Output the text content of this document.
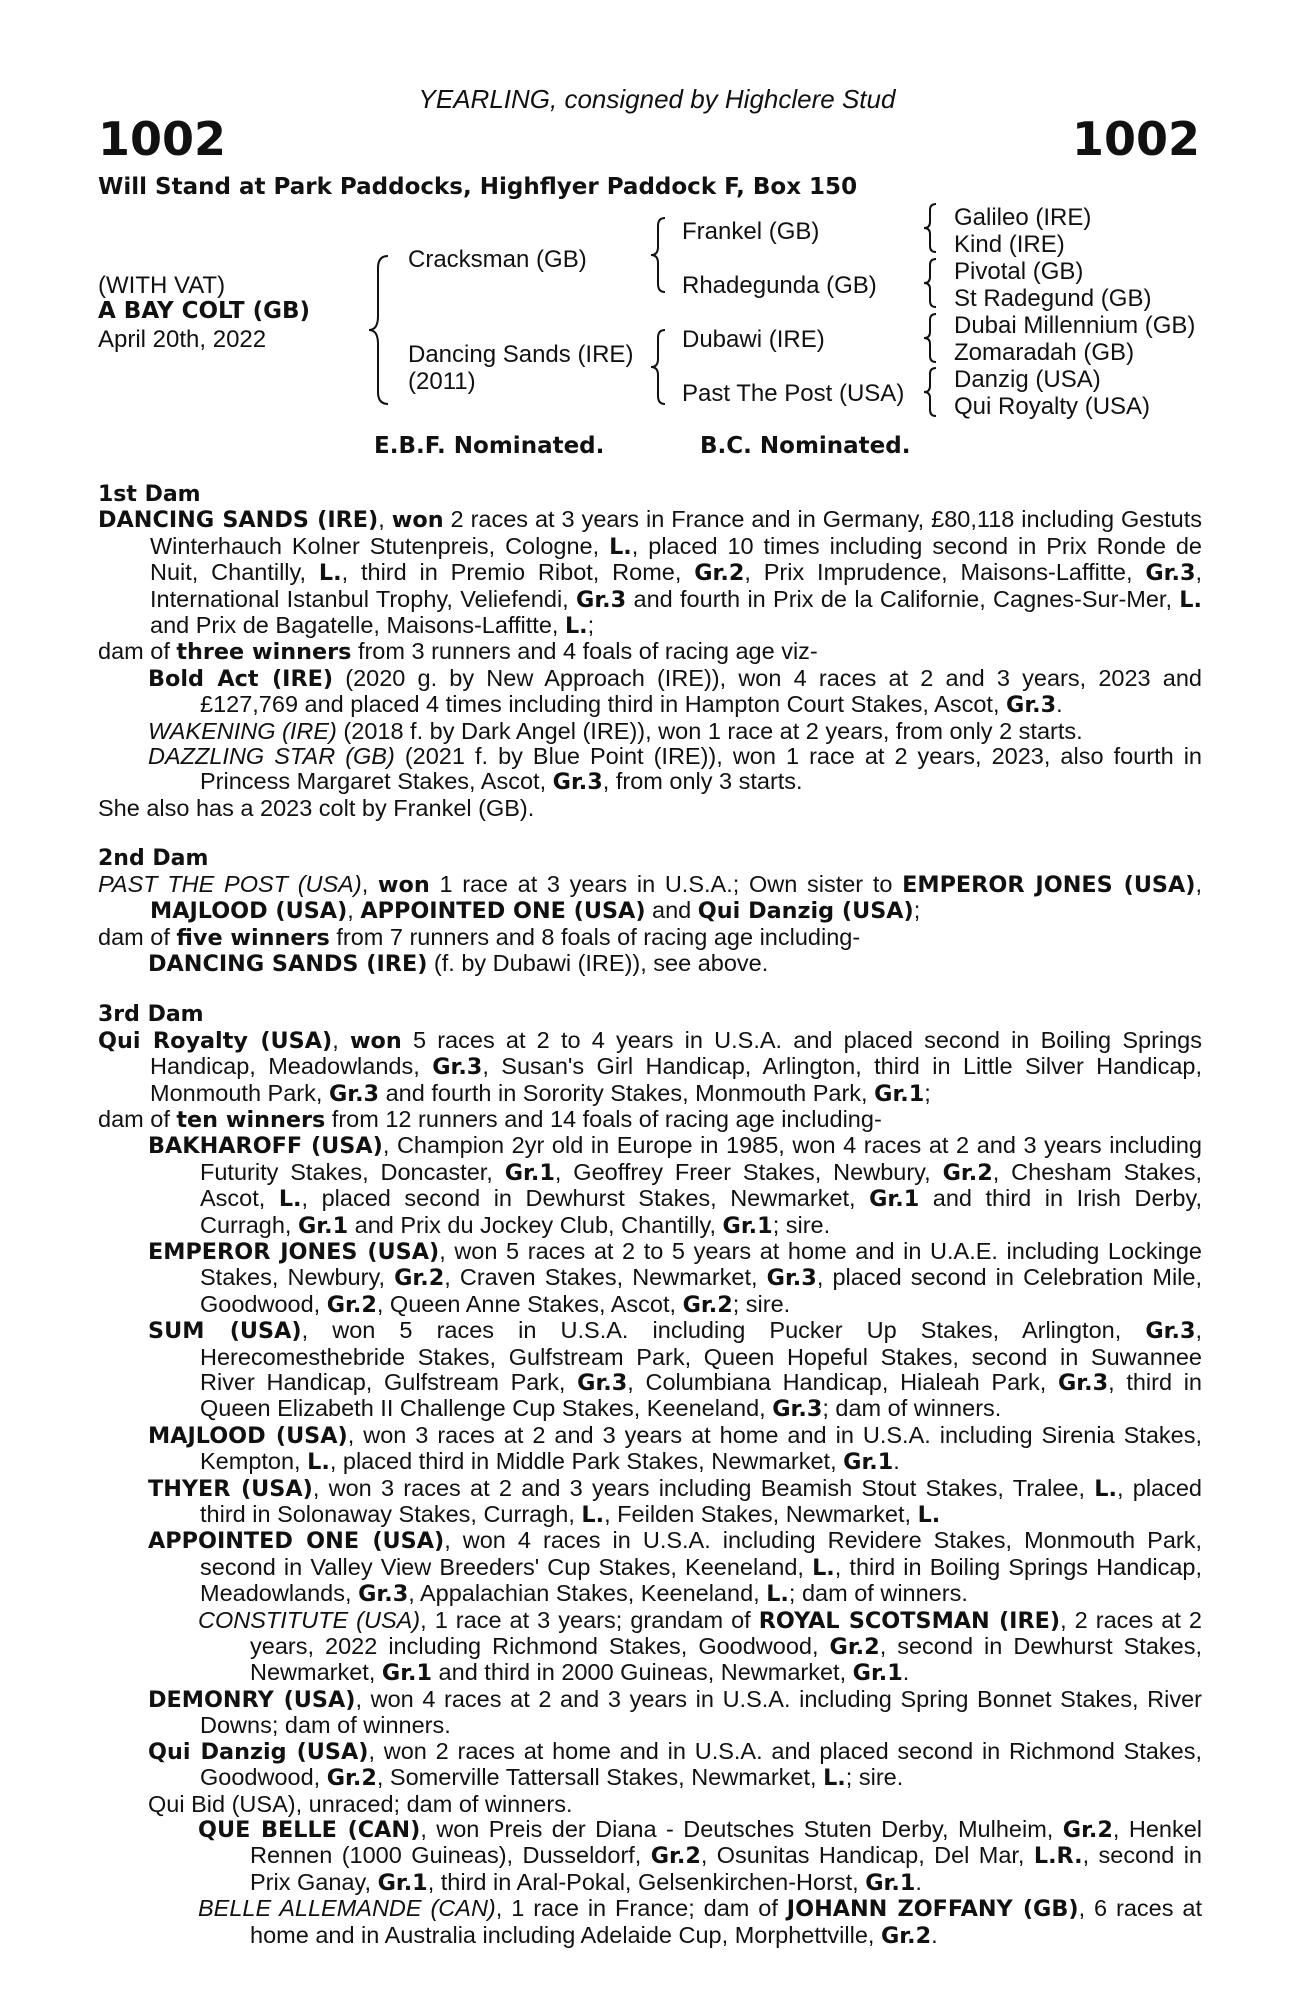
YEARLING, consigned by Highclere Stud
1002	1002
Will Stand at Park Paddocks, Highflyer Paddock F, Box 150
(WITH VAT)
A BAY COLT (GB)
April 20th, 2022
Cracksman (GB)
Dancing Sands (IRE)
(2011)
Frankel (GB)
Rhadegunda (GB)
Dubawi (IRE)
Past The Post (USA)
Galileo (IRE)
Kind (IRE)
Pivotal (GB)
St Radegund (GB)
Dubai Millennium (GB)
Zomaradah (GB)
Danzig (USA)
Qui Royalty (USA)
E.B.F. Nominated.	B.C. Nominated.

1st Dam

DANCING SANDS (IRE), won 2 races at 3 years in France and in Germany, £80,118 including Gestuts Winterhauch Kolner Stutenpreis, Cologne, L., placed 10 times including second in Prix Ronde de Nuit, Chantilly, L., third in Premio Ribot, Rome, Gr.2, Prix Imprudence, Maisons-Laffitte, Gr.3, International Istanbul Trophy, Veliefendi, Gr.3 and fourth in Prix de la Californie, Cagnes-Sur-Mer, L. and Prix de Bagatelle, Maisons-Laffitte, L.;

dam of three winners from 3 runners and 4 foals of racing age viz-

Bold Act (IRE) (2020 g. by New Approach (IRE)), won 4 races at 2 and 3 years, 2023 and £127,769 and placed 4 times including third in Hampton Court Stakes, Ascot, Gr.3.

WAKENING (IRE) (2018 f. by Dark Angel (IRE)), won 1 race at 2 years, from only 2 starts.

DAZZLING STAR (GB) (2021 f. by Blue Point (IRE)), won 1 race at 2 years, 2023, also fourth in Princess Margaret Stakes, Ascot, Gr.3, from only 3 starts.

She also has a 2023 colt by Frankel (GB).

2nd Dam

PAST THE POST (USA), won 1 race at 3 years in U.S.A.; Own sister to EMPEROR JONES (USA), MAJLOOD (USA), APPOINTED ONE (USA) and Qui Danzig (USA);

dam of five winners from 7 runners and 8 foals of racing age including-

DANCING SANDS (IRE) (f. by Dubawi (IRE)), see above.

3rd Dam

Qui Royalty (USA), won 5 races at 2 to 4 years in U.S.A. and placed second in Boiling Springs Handicap, Meadowlands, Gr.3, Susan's Girl Handicap, Arlington, third in Little Silver Handicap, Monmouth Park, Gr.3 and fourth in Sorority Stakes, Monmouth Park, Gr.1;

dam of ten winners from 12 runners and 14 foals of racing age including-

BAKHAROFF (USA), Champion 2yr old in Europe in 1985, won 4 races at 2 and 3 years including Futurity Stakes, Doncaster, Gr.1, Geoffrey Freer Stakes, Newbury, Gr.2, Chesham Stakes, Ascot, L., placed second in Dewhurst Stakes, Newmarket, Gr.1 and third in Irish Derby, Curragh, Gr.1 and Prix du Jockey Club, Chantilly, Gr.1; sire.

EMPEROR JONES (USA), won 5 races at 2 to 5 years at home and in U.A.E. including Lockinge Stakes, Newbury, Gr.2, Craven Stakes, Newmarket, Gr.3, placed second in Celebration Mile, Goodwood, Gr.2, Queen Anne Stakes, Ascot, Gr.2; sire.

SUM (USA), won 5 races in U.S.A. including Pucker Up Stakes, Arlington, Gr.3, Herecomesthebride Stakes, Gulfstream Park, Queen Hopeful Stakes, second in Suwannee River Handicap, Gulfstream Park, Gr.3, Columbiana Handicap, Hialeah Park, Gr.3, third in Queen Elizabeth II Challenge Cup Stakes, Keeneland, Gr.3; dam of winners.

MAJLOOD (USA), won 3 races at 2 and 3 years at home and in U.S.A. including Sirenia Stakes, Kempton, L., placed third in Middle Park Stakes, Newmarket, Gr.1.

THYER (USA), won 3 races at 2 and 3 years including Beamish Stout Stakes, Tralee, L., placed third in Solonaway Stakes, Curragh, L., Feilden Stakes, Newmarket, L.

APPOINTED ONE (USA), won 4 races in U.S.A. including Revidere Stakes, Monmouth Park, second in Valley View Breeders' Cup Stakes, Keeneland, L., third in Boiling Springs Handicap, Meadowlands, Gr.3, Appalachian Stakes, Keeneland, L.; dam of winners.

CONSTITUTE (USA), 1 race at 3 years; grandam of ROYAL SCOTSMAN (IRE), 2 races at 2 years, 2022 including Richmond Stakes, Goodwood, Gr.2, second in Dewhurst Stakes, Newmarket, Gr.1 and third in 2000 Guineas, Newmarket, Gr.1.

DEMONRY (USA), won 4 races at 2 and 3 years in U.S.A. including Spring Bonnet Stakes, River Downs; dam of winners.

Qui Danzig (USA), won 2 races at home and in U.S.A. and placed second in Richmond Stakes, Goodwood, Gr.2, Somerville Tattersall Stakes, Newmarket, L.; sire.

Qui Bid (USA), unraced; dam of winners.

QUE BELLE (CAN), won Preis der Diana - Deutsches Stuten Derby, Mulheim, Gr.2, Henkel Rennen (1000 Guineas), Dusseldorf, Gr.2, Osunitas Handicap, Del Mar, L.R., second in Prix Ganay, Gr.1, third in Aral-Pokal, Gelsenkirchen-Horst, Gr.1.

BELLE ALLEMANDE (CAN), 1 race in France; dam of JOHANN ZOFFANY (GB), 6 races at home and in Australia including Adelaide Cup, Morphettville, Gr.2.
